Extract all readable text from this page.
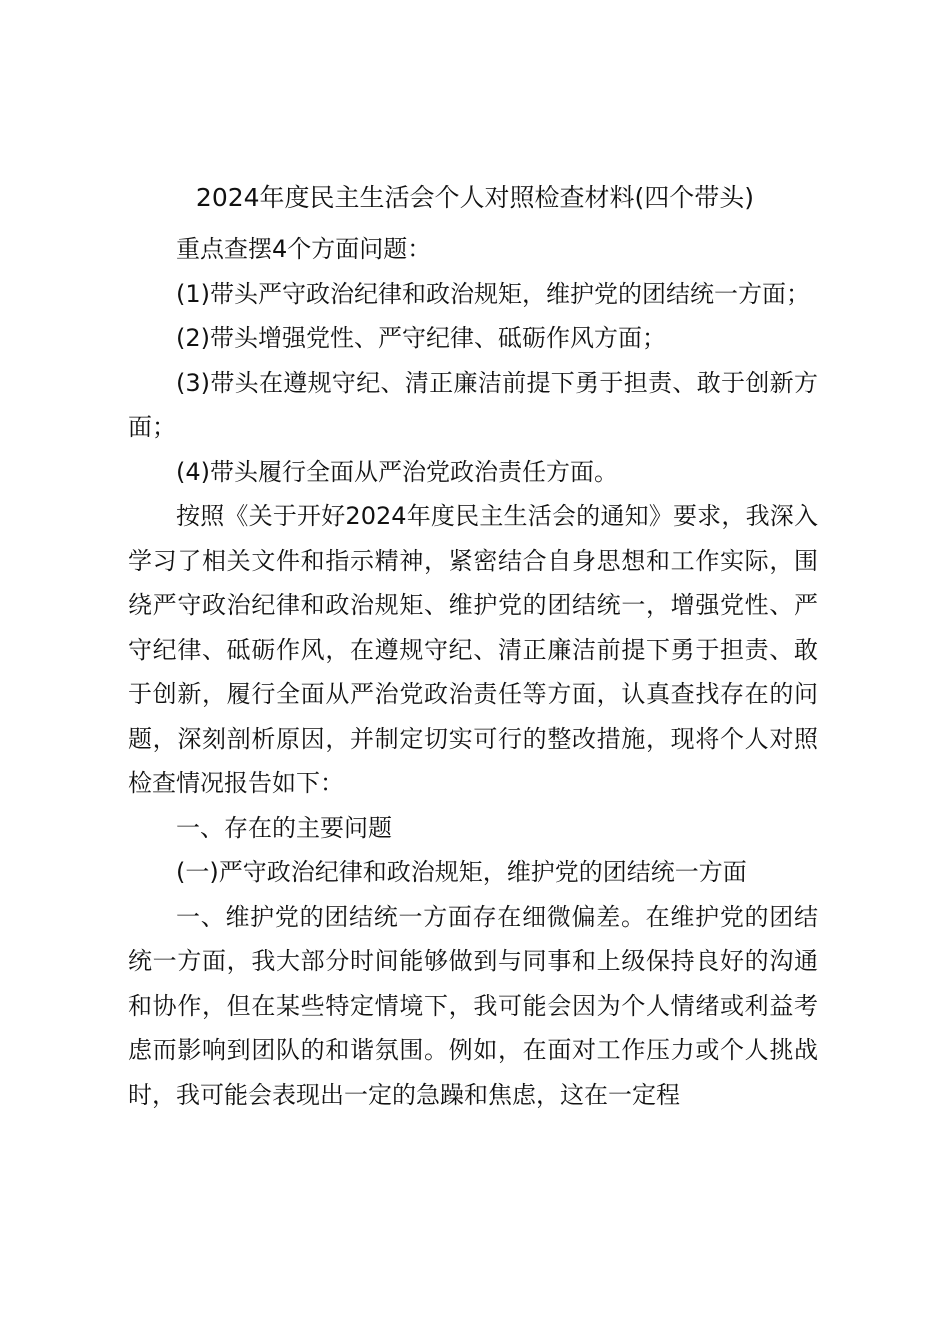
2024年度民主生活会个人对照检查材料(四个带头)

重点查摆4个方面问题：

(1)带头严守政治纪律和政治规矩，维护党的团结统一方面；

(2)带头增强党性、严守纪律、砥砺作风方面；

(3)带头在遵规守纪、清正廉洁前提下勇于担责、敢于创新方面；

(4)带头履行全面从严治党政治责任方面。

按照《关于开好2024年度民主生活会的通知》要求，我深入学习了相关文件和指示精神，紧密结合自身思想和工作实际，围绕严守政治纪律和政治规矩、维护党的团结统一，增强党性、严守纪律、砥砺作风，在遵规守纪、清正廉洁前提下勇于担责、敢于创新，履行全面从严治党政治责任等方面，认真查找存在的问题，深刻剖析原因，并制定切实可行的整改措施，现将个人对照检查情况报告如下：

一、存在的主要问题

(一)严守政治纪律和政治规矩，维护党的团结统一方面

一、维护党的团结统一方面存在细微偏差。在维护党的团结统一方面，我大部分时间能够做到与同事和上级保持良好的沟通和协作，但在某些特定情境下，我可能会因为个人情绪或利益考虑而影响到团队的和谐氛围。例如，在面对工作压力或个人挑战时，我可能会表现出一定的急躁和焦虑，这在一定程
